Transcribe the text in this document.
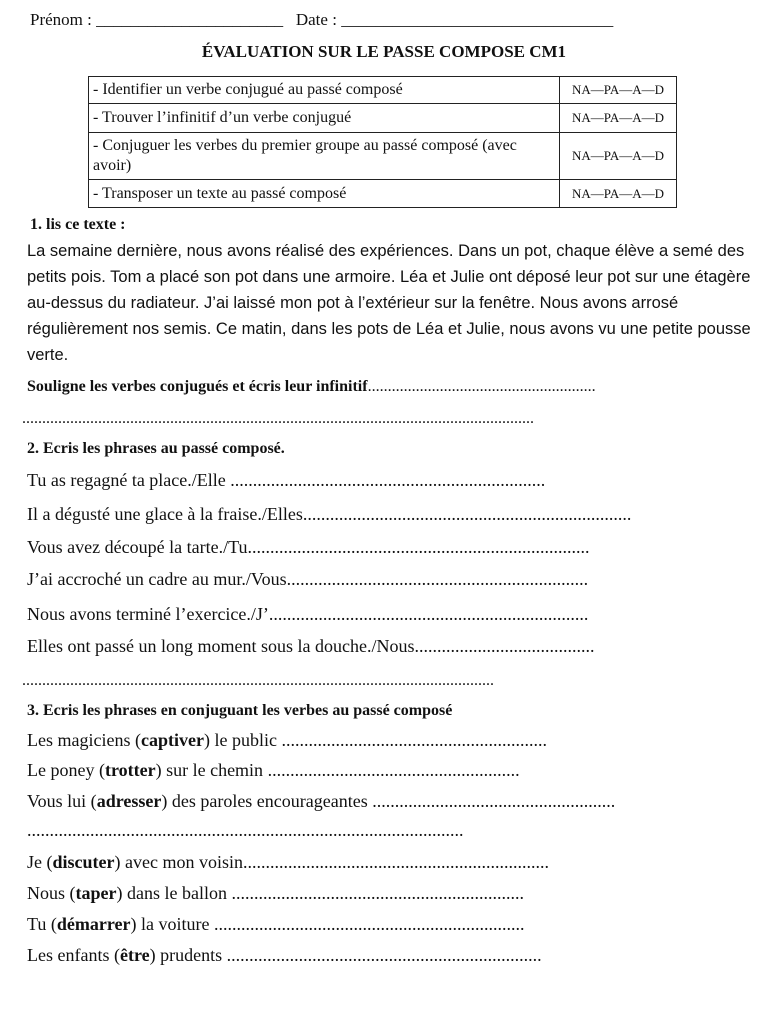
Prénom : ______________________ Date : ________________________________
ÉVALUATION SUR LE PASSE COMPOSE CM1
- Identifier un verbe conjugué au passé composé	NA—PA—A—D
- Trouver l’infinitif d’un verbe conjugué	NA—PA—A—D
- Conjuguer les verbes du premier groupe au passé composé (avec avoir)	NA—PA—A—D
- Transposer un texte au passé composé	NA—PA—A—D
1. lis ce texte :
La semaine dernière, nous avons réalisé des expériences. Dans un pot, chaque élève a semé des petits pois. Tom a placé son pot dans une armoire. Léa et Julie ont déposé leur pot sur une étagère au-dessus du radiateur. J’ai laissé mon pot à l’extérieur sur la fenêtre. Nous avons arrosé régulièrement nos semis. Ce matin, dans les pots de Léa et Julie, nous avons vu une petite pousse verte.
Souligne les verbes conjugués et écris leur infinitif.........................................................
................................................................................................................................
2. Ecris les phrases au passé composé.
Tu as regagné ta place./Elle ......................................................................
Il a dégusté une glace à la fraise./Elles.........................................................................
Vous avez découpé la tarte./Tu............................................................................
J’ai accroché un cadre au mur./Vous...................................................................
Nous avons terminé l’exercice./J’.......................................................................
Elles ont passé un long moment sous la douche./Nous........................................
......................................................................................................................
3. Ecris les phrases en conjuguant les verbes au passé composé
Les magiciens (captiver) le public ...........................................................
Le poney (trotter) sur le chemin ........................................................
Vous lui (adresser) des paroles encourageantes ......................................................
.................................................................................................
Je (discuter) avec mon voisin....................................................................
Nous (taper) dans le ballon .................................................................
Tu (démarrer) la voiture .....................................................................
Les enfants (être) prudents ......................................................................
